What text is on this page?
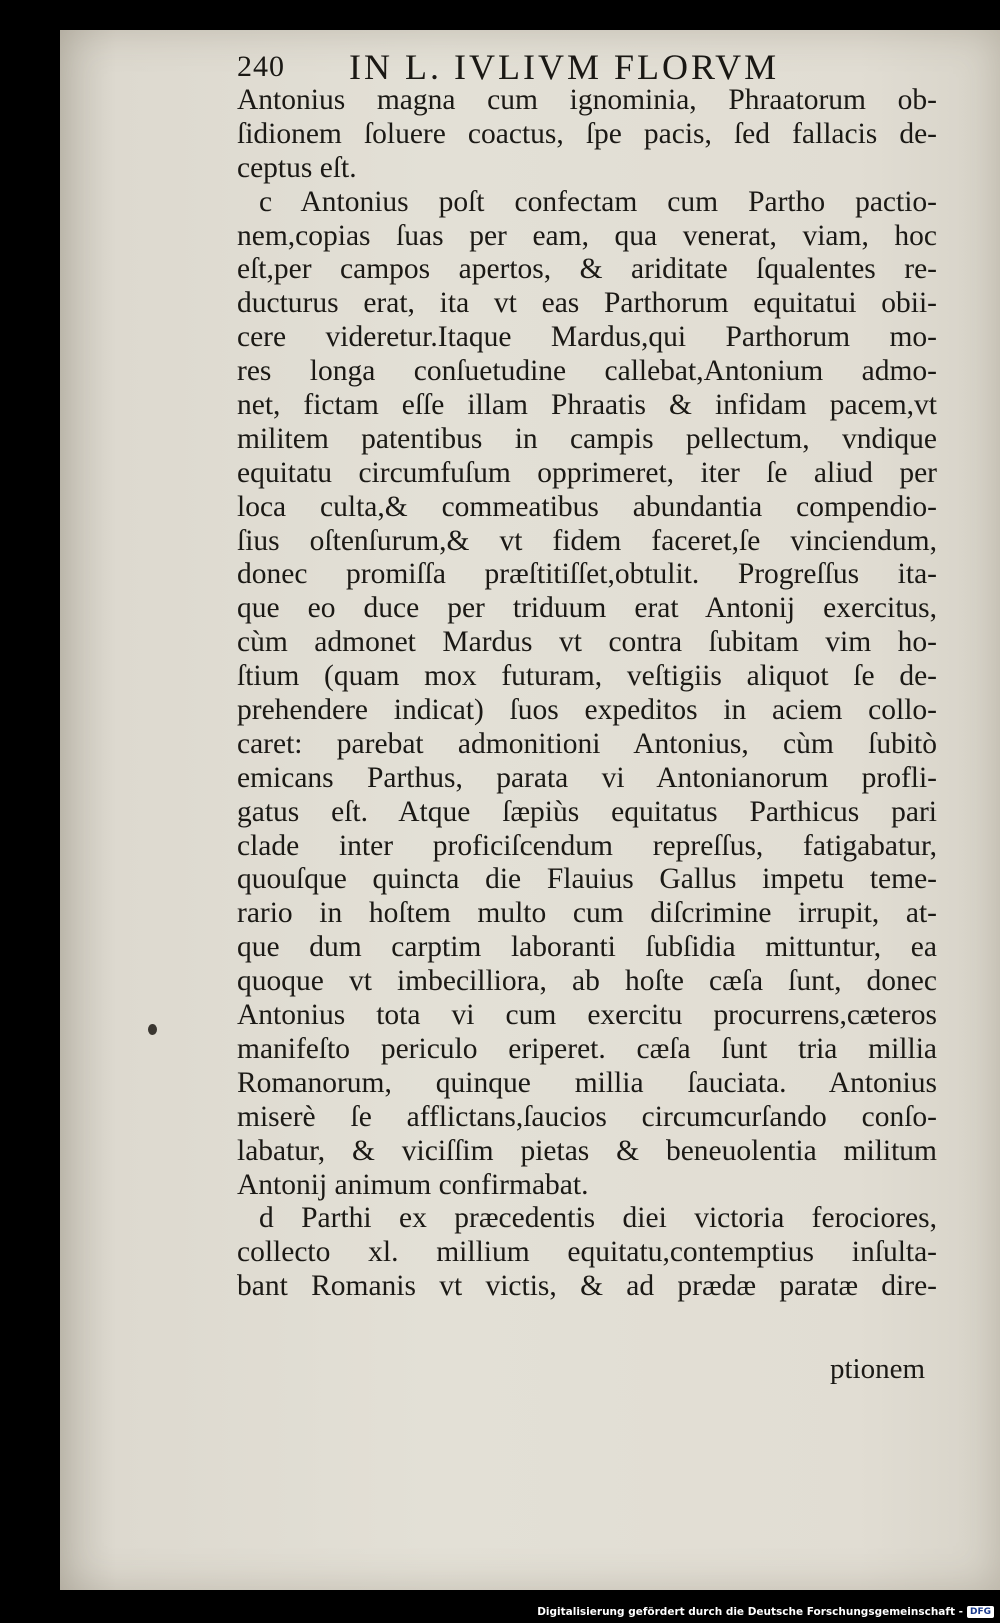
240 IN L. IVLIVM FLORVM
Antonius magna cum ignominia, Phraatorum ob-
ſidionem ſoluere coactus, ſpe pacis, ſed fallacis de-
ceptus eſt.
c Antonius poſt confectam cum Partho pactio-
nem,copias ſuas per eam, qua venerat, viam, hoc
eſt,per campos apertos, & ariditate ſqualentes re-
ducturus erat, ita vt eas Parthorum equitatui obii-
cere videretur.Itaque Mardus,qui Parthorum mo-
res longa conſuetudine callebat,Antonium admo-
net, fictam eſſe illam Phraatis & infidam pacem,vt
militem patentibus in campis pellectum, vndique
equitatu circumfuſum opprimeret, iter ſe aliud per
loca culta,& commeatibus abundantia compendio-
ſius oſtenſurum,& vt fidem faceret,ſe vinciendum,
donec promiſſa præſtitiſſet,obtulit. Progreſſus ita-
que eo duce per triduum erat Antonij exercitus,
cùm admonet Mardus vt contra ſubitam vim ho-
ſtium (quam mox futuram, veſtigiis aliquot ſe de-
prehendere indicat) ſuos expeditos in aciem collo-
caret: parebat admonitioni Antonius, cùm ſubitò
emicans Parthus, parata vi Antonianorum profli-
gatus eſt. Atque ſæpiùs equitatus Parthicus pari
clade inter proficiſcendum repreſſus, fatigabatur,
quouſque quincta die Flauius Gallus impetu teme-
rario in hoſtem multo cum diſcrimine irrupit, at-
que dum carptim laboranti ſubſidia mittuntur, ea
quoque vt imbecilliora, ab hoſte cæſa ſunt, donec
Antonius tota vi cum exercitu procurrens,cæteros
manifeſto periculo eriperet. cæſa ſunt tria millia
Romanorum, quinque millia ſauciata. Antonius
miserè ſe afflictans,ſaucios circumcurſando conſo-
labatur, & viciſſim pietas & beneuolentia militum
Antonij animum confirmabat.
d Parthi ex præcedentis diei victoria ferociores,
collecto xl. millium equitatu,contemptius inſulta-
bant Romanis vt victis, & ad prædæ paratæ dire-
ptionem
Digitalisierung gefördert durch die Deutsche Forschungsgemeinschaft - DFG
